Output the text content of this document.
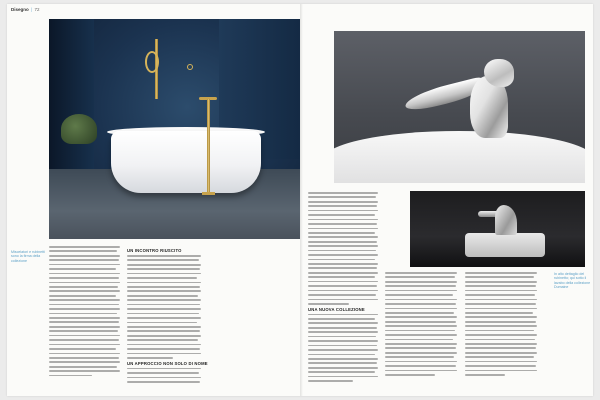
Disegno | 72
Miscelatori e rubinetti sono la firma della collezione
UN INCONTRO RIUSCITO
UN APPROCCIO NON SOLO DI NOME
UNA NUOVA COLLEZIONE
In alto dettaglio del rubinetto; qui sotto il lavabo della collezione Dumaine
